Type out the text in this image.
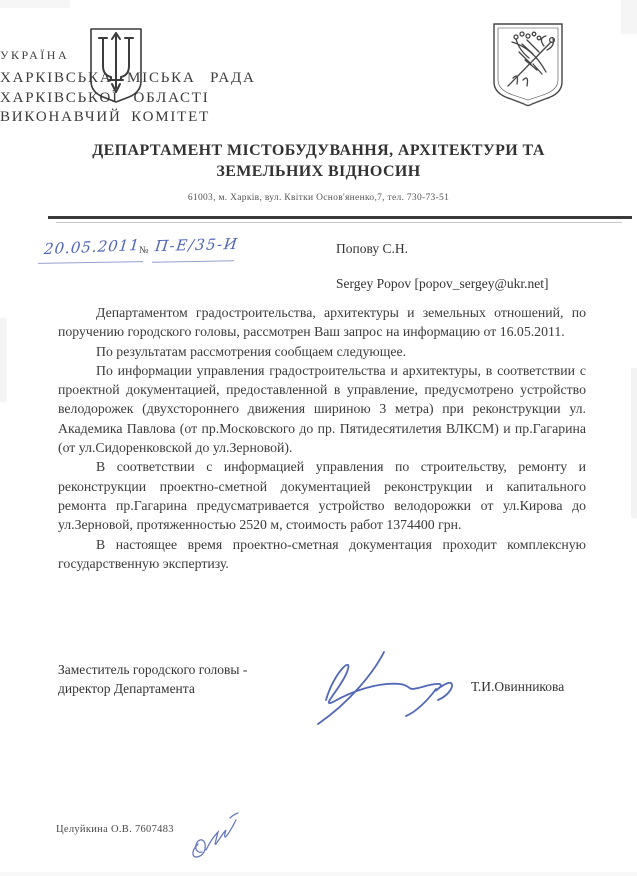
УКРАЇНА
ХАРКІВСЬКА МІСЬКА РАДА
ХАРКІВСЬКОЇ ОБЛАСТІ
ВИКОНАВЧИЙ КОМІТЕТ
ДЕПАРТАМЕНТ МІСТОБУДУВАННЯ, АРХІТЕКТУРИ ТА
ЗЕМЕЛЬНИХ ВІДНОСИН
61003, м. Харків, вул. Квітки Основ'яненко,7, тел. 730-73-51
20.05.2011
№ П-Е/35-И	Попову С.Н.
Sergey Popov [popov_sergey@ukr.net]

Департаментом градостроительства, архитектуры и земельных отношений, по поручению городского головы, рассмотрен Ваш запрос на информацию от 16.05.2011.

По результатам рассмотрения сообщаем следующее.

По информации управления градостроительства и архитектуры, в соответствии с проектной документацией, предоставленной в управление, предусмотрено устройство велодорожек (двухстороннего движения шириною 3 метра) при реконструкции ул. Академика Павлова (от пр.Московского до пр. Пятидесятилетия ВЛКСМ) и пр.Гагарина (от ул.Сидоренковской до ул.Зерновой).

В соответствии с информацией управления по строительству, ремонту и реконструкции проектно-сметной документацией реконструкции и капитального ремонта пр.Гагарина предусматривается устройство велодорожки от ул.Кирова до ул.Зерновой, протяженностью 2520 м, стоимость работ 1374400 грн.

В настоящее время проектно-сметная документация проходит комплексную государственную экспертизу.

Заместитель городского головы -
директор Департамента	Т.И.Овинникова
Целуйкина О.В. 7607483
